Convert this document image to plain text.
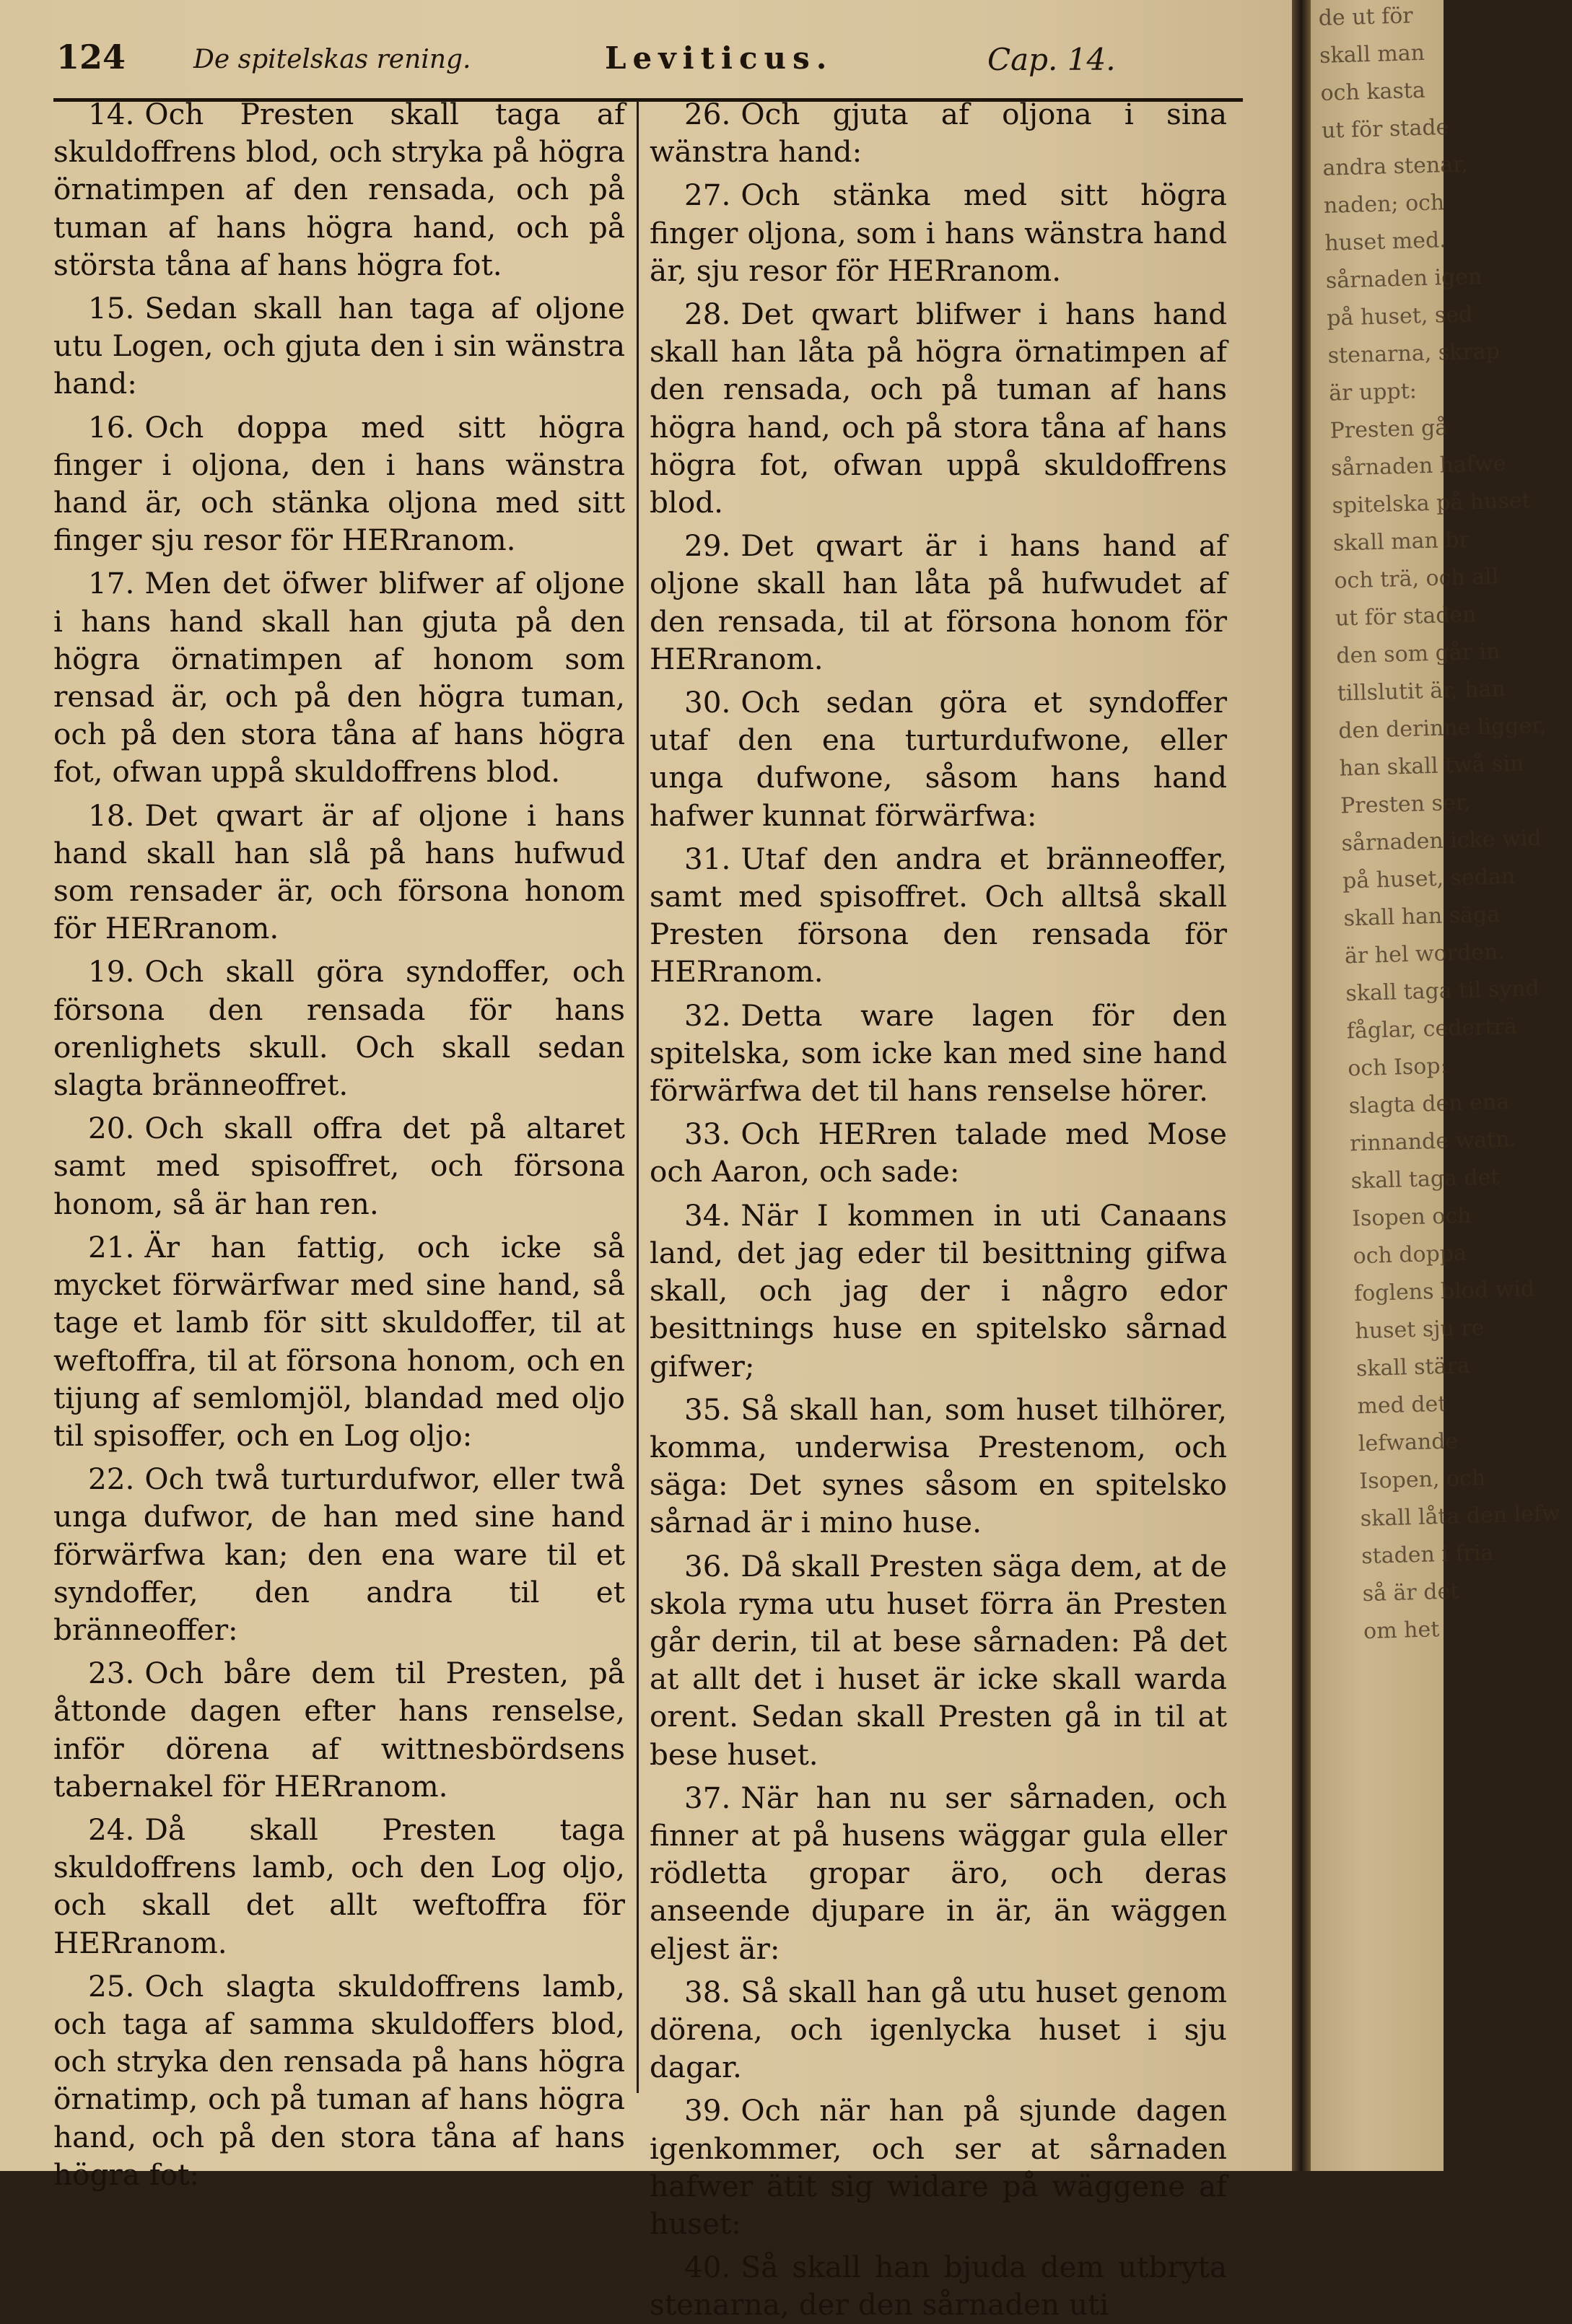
124	De spitelskas rening.	Leviticus.	Cap. 14.

14. Och Presten skall taga af skuldoffrens blod, och stryka på högra örnatimpen af den rensada, och på tuman af hans högra hand, och på största tåna af hans högra fot.

15. Sedan skall han taga af oljone utu Logen, och gjuta den i sin wänstra hand:

16. Och doppa med sitt högra finger i oljona, den i hans wänstra hand är, och stänka oljona med sitt finger sju resor för HERranom.

17. Men det öfwer blifwer af oljone i hans hand skall han gjuta på den högra örnatimpen af honom som rensad är, och på den högra tuman, och på den stora tåna af hans högra fot, ofwan uppå skuldoffrens blod.

18. Det qwart är af oljone i hans hand skall han slå på hans hufwud som rensader är, och försona honom för HERranom.

19. Och skall göra syndoffer, och försona den rensada för hans orenlighets skull. Och skall sedan slagta bränneoffret.

20. Och skall offra det på altaret samt med spisoffret, och försona honom, så är han ren.

21. Är han fattig, och icke så mycket förwärfwar med sine hand, så tage et lamb för sitt skuldoffer, til at weftoffra, til at försona honom, och en tijung af semlomjöl, blandad med oljo til spisoffer, och en Log oljo:

22. Och twå turturdufwor, eller twå unga dufwor, de han med sine hand förwärfwa kan; den ena ware til et syndoffer, den andra til et bränneoffer:

23. Och båre dem til Presten, på åttonde dagen efter hans renselse, inför dörena af wittnesbördsens tabernakel för HERranom.

24. Då skall Presten taga skuldoffrens lamb, och den Log oljo, och skall det allt weftoffra för HERranom.

25. Och slagta skuldoffrens lamb, och taga af samma skuldoffers blod, och stryka den rensada på hans högra örnatimp, och på tuman af hans högra hand, och på den stora tåna af hans högra fot:

26. Och gjuta af oljona i sina wänstra hand:

27. Och stänka med sitt högra finger oljona, som i hans wänstra hand är, sju resor för HERranom.

28. Det qwart blifwer i hans hand skall han låta på högra örnatimpen af den rensada, och på tuman af hans högra hand, och på stora tåna af hans högra fot, ofwan uppå skuldoffrens blod.

29. Det qwart är i hans hand af oljone skall han låta på hufwudet af den rensada, til at försona honom för HERranom.

30. Och sedan göra et syndoffer utaf den ena turturdufwone, eller unga dufwone, såsom hans hand hafwer kunnat förwärfwa:

31. Utaf den andra et bränneoffer, samt med spisoffret. Och alltså skall Presten försona den rensada för HERranom.

32. Detta ware lagen för den spitelska, som icke kan med sine hand förwärfwa det til hans renselse hörer.

33. Och HERren talade med Mose och Aaron, och sade:

34. När I kommen in uti Canaans land, det jag eder til besittning gifwa skall, och jag der i någro edor besittnings huse en spitelsko sårnad gifwer;

35. Så skall han, som huset tilhörer, komma, underwisa Prestenom, och säga: Det synes såsom en spitelsko sårnad är i mino huse.

36. Då skall Presten säga dem, at de skola ryma utu huset förra än Presten går derin, til at bese sårnaden: På det at allt det i huset är icke skall warda orent. Sedan skall Presten gå in til at bese huset.

37. När han nu ser sårnaden, och finner at på husens wäggar gula eller rödletta gropar äro, och deras anseende djupare in är, än wäggen eljest är:

38. Så skall han gå utu huset genom dörena, och igenlycka huset i sju dagar.

39. Och när han på sjunde dagen igenkommer, och ser at sårnaden hafwer ätit sig widare på wäggene af huset:

40. Så skall han bjuda dem utbryta stenarna, der den sårnaden uti

de ut för
skall man
och kasta
ut för stade
andra stenar,
naden; och
huset med.
sårnaden igen
på huset, sed
stenarna, skrap
är uppt:
Presten gå
sårnaden hafwe
spitelska på huset
skall man br
och trä, och all
ut för staden
den som går in
tillslutit är, han
den derinne ligger,
han skall twå sin
Presten ser,
sårnaden icke wid
på huset, sedan
skall han säga
är hel worden.
skall taga til synd
fåglar, cederträ
och Isop:
slagta den ena
rinnande watn.
skall taga det
Isopen och
och doppa
foglens blod wid
huset sju re
skall stära
med det
lefwande
Isopen, och
skall låta den lefw
staden i fria
så är det
om het
